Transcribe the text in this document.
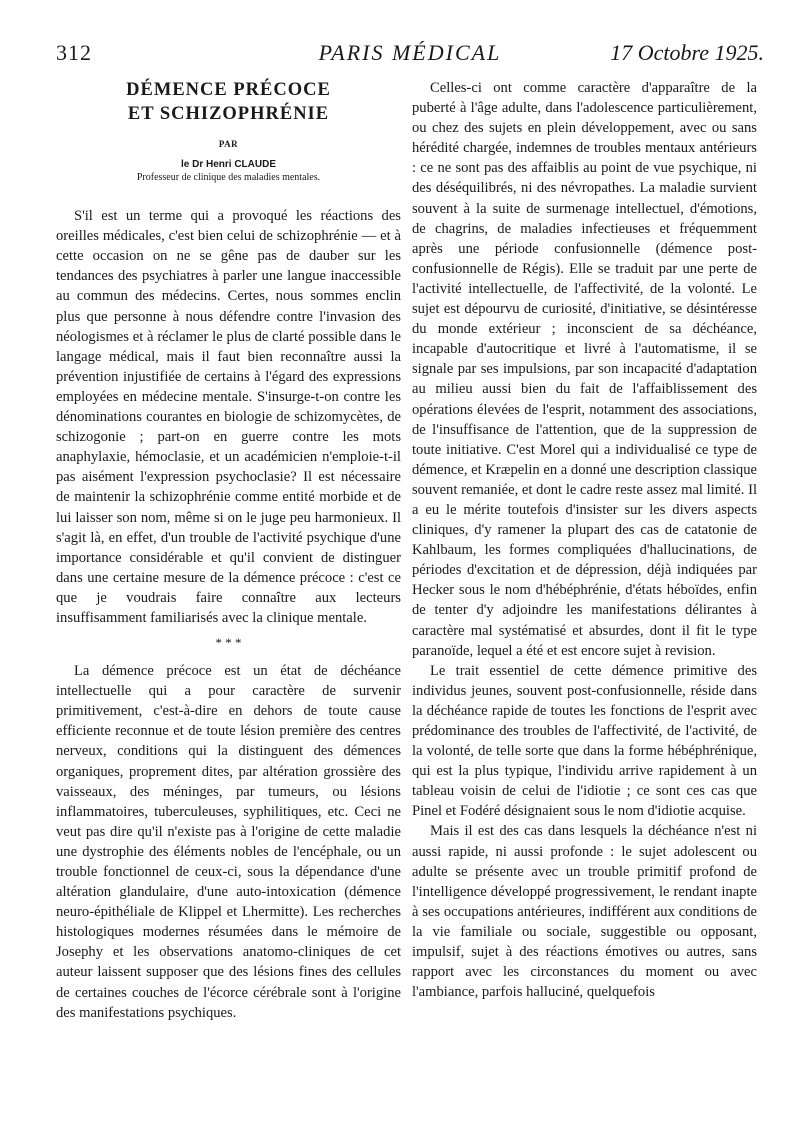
312	PARIS MÉDICAL	17 Octobre 1925.
DÉMENCE PRÉCOCE
ET SCHIZOPHRÉNIE
PAR
le Dr Henri CLAUDE
Professeur de clinique des maladies mentales.

S'il est un terme qui a provoqué les réactions des oreilles médicales, c'est bien celui de schizophrénie — et à cette occasion on ne se gêne pas de dauber sur les tendances des psychiatres à parler une langue inaccessible au commun des médecins. Certes, nous sommes enclin plus que personne à nous défendre contre l'invasion des néologismes et à réclamer le plus de clarté possible dans le langage médical, mais il faut bien reconnaître aussi la prévention injustifiée de certains à l'égard des expressions employées en médecine mentale. S'insurge-t-on contre les dénominations courantes en biologie de schizomycètes, de schizogonie ; part-on en guerre contre les mots anaphylaxie, hémoclasie, et un académicien n'emploie-t-il pas aisément l'expression psychoclasie? Il est nécessaire de maintenir la schizophrénie comme entité morbide et de lui laisser son nom, même si on le juge peu harmonieux. Il s'agit là, en effet, d'un trouble de l'activité psychique d'une importance considérable et qu'il convient de distinguer dans une certaine mesure de la démence précoce : c'est ce que je voudrais faire connaître aux lecteurs insuffisamment familiarisés avec la clinique mentale.

* * *

La démence précoce est un état de déchéance intellectuelle qui a pour caractère de survenir primitivement, c'est-à-dire en dehors de toute cause efficiente reconnue et de toute lésion première des centres nerveux, conditions qui la distinguent des démences organiques, proprement dites, par altération grossière des vaisseaux, des méninges, par tumeurs, ou lésions inflammatoires, tuberculeuses, syphilitiques, etc. Ceci ne veut pas dire qu'il n'existe pas à l'origine de cette maladie une dystrophie des éléments nobles de l'encéphale, ou un trouble fonctionnel de ceux-ci, sous la dépendance d'une altération glandulaire, d'une auto-intoxication (démence neuro-épithéliale de Klippel et Lhermitte). Les recherches histologiques modernes résumées dans le mémoire de Josephy et les observations anatomo-cliniques de cet auteur laissent supposer que des lésions fines des cellules de certaines couches de l'écorce cérébrale sont à l'origine des manifestations psychiques.

Celles-ci ont comme caractère d'apparaître de la puberté à l'âge adulte, dans l'adolescence particulièrement, ou chez des sujets en plein développement, avec ou sans hérédité chargée, indemnes de troubles mentaux antérieurs : ce ne sont pas des affaiblis au point de vue psychique, ni des déséquilibrés, ni des névropathes. La maladie survient souvent à la suite de surmenage intellectuel, d'émotions, de chagrins, de maladies infectieuses et fréquemment après une période confusionnelle (démence post-confusionnelle de Régis). Elle se traduit par une perte de l'activité intellectuelle, de l'affectivité, de la volonté. Le sujet est dépourvu de curiosité, d'initiative, se désintéresse du monde extérieur ; inconscient de sa déchéance, incapable d'autocritique et livré à l'automatisme, il se signale par ses impulsions, par son incapacité d'adaptation au milieu aussi bien du fait de l'affaiblissement des opérations élevées de l'esprit, notamment des associations, de l'insuffisance de l'attention, que de la suppression de toute initiative. C'est Morel qui a individualisé ce type de démence, et Kræpelin en a donné une description classique souvent remaniée, et dont le cadre reste assez mal limité. Il a eu le mérite toutefois d'insister sur les divers aspects cliniques, d'y ramener la plupart des cas de catatonie de Kahlbaum, les formes compliquées d'hallucinations, de périodes d'excitation et de dépression, déjà indiquées par Hecker sous le nom d'hébéphrénie, d'états héboïdes, enfin de tenter d'y adjoindre les manifestations délirantes à caractère mal systématisé et absurdes, dont il fit le type paranoïde, lequel a été et est encore sujet à revision.

Le trait essentiel de cette démence primitive des individus jeunes, souvent post-confusionnelle, réside dans la déchéance rapide de toutes les fonctions de l'esprit avec prédominance des troubles de l'affectivité, de l'activité, de la volonté, de telle sorte que dans la forme hébéphrénique, qui est la plus typique, l'individu arrive rapidement à un tableau voisin de celui de l'idiotie ; ce sont ces cas que Pinel et Fodéré désignaient sous le nom d'idiotie acquise.

Mais il est des cas dans lesquels la déchéance n'est ni aussi rapide, ni aussi profonde : le sujet adolescent ou adulte se présente avec un trouble primitif profond de l'intelligence développé progressivement, le rendant inapte à ses occupations antérieures, indifférent aux conditions de la vie familiale ou sociale, suggestible ou opposant, impulsif, sujet à des réactions émotives ou autres, sans rapport avec les circonstances du moment ou avec l'ambiance, parfois halluciné, quelquefois
